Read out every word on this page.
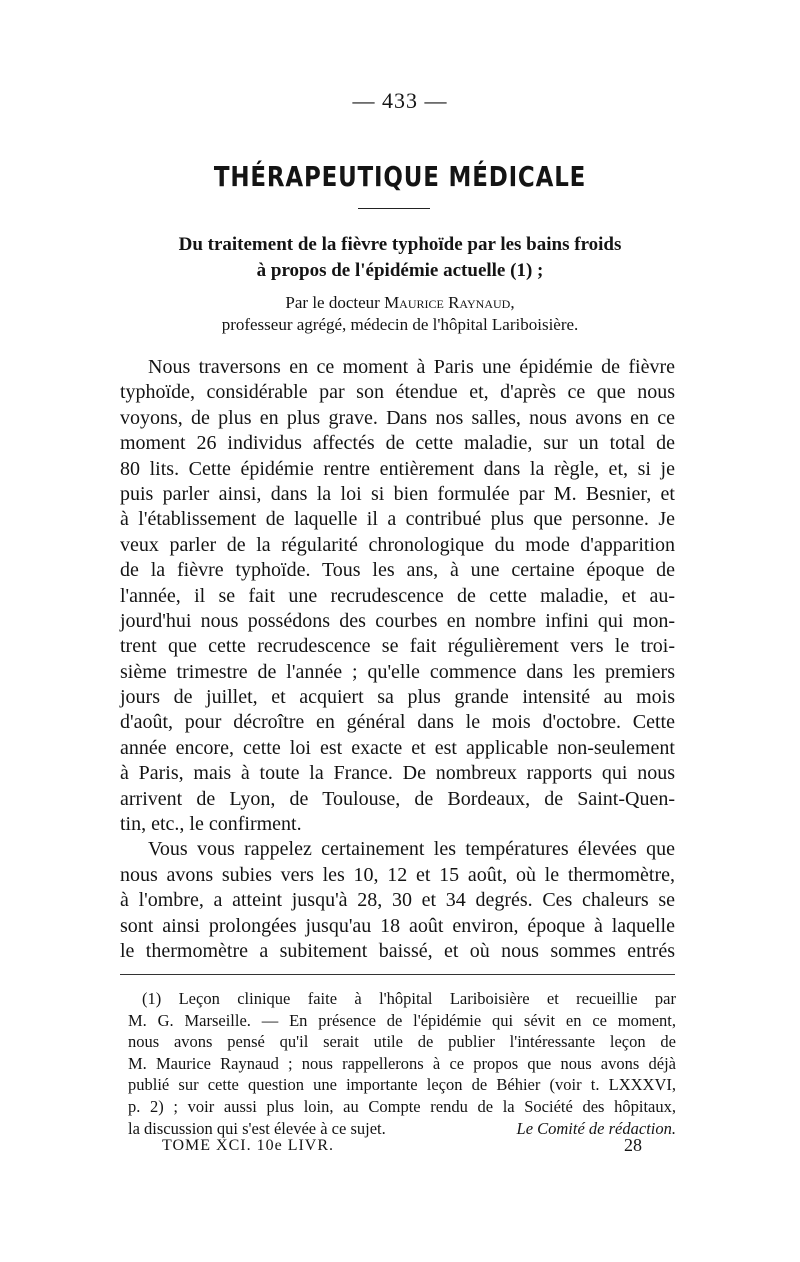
— 433 —
THÉRAPEUTIQUE MÉDICALE
Du traitement de la fièvre typhoïde par les bains froids
à propos de l'épidémie actuelle (1) ;
Par le docteur Maurice Raynaud,
professeur agrégé, médecin de l'hôpital Lariboisière.
Nous traversons en ce moment à Paris une épidémie de fièvre
typhoïde, considérable par son étendue et, d'après ce que nous
voyons, de plus en plus grave. Dans nos salles, nous avons en ce
moment 26 individus affectés de cette maladie, sur un total de
80 lits. Cette épidémie rentre entièrement dans la règle, et, si je
puis parler ainsi, dans la loi si bien formulée par M. Besnier, et
à l'établissement de laquelle il a contribué plus que personne. Je
veux parler de la régularité chronologique du mode d'apparition
de la fièvre typhoïde. Tous les ans, à une certaine époque de
l'année, il se fait une recrudescence de cette maladie, et au-
jourd'hui nous possédons des courbes en nombre infini qui mon-
trent que cette recrudescence se fait régulièrement vers le troi-
sième trimestre de l'année ; qu'elle commence dans les premiers
jours de juillet, et acquiert sa plus grande intensité au mois
d'août, pour décroître en général dans le mois d'octobre. Cette
année encore, cette loi est exacte et est applicable non-seulement
à Paris, mais à toute la France. De nombreux rapports qui nous
arrivent de Lyon, de Toulouse, de Bordeaux, de Saint-Quen-
tin, etc., le confirment.
Vous vous rappelez certainement les températures élevées que
nous avons subies vers les 10, 12 et 15 août, où le thermomètre,
à l'ombre, a atteint jusqu'à 28, 30 et 34 degrés. Ces chaleurs se
sont ainsi prolongées jusqu'au 18 août environ, époque à laquelle
le thermomètre a subitement baissé, et où nous sommes entrés
(1) Leçon clinique faite à l'hôpital Lariboisière et recueillie par
M. G. Marseille. — En présence de l'épidémie qui sévit en ce moment,
nous avons pensé qu'il serait utile de publier l'intéressante leçon de
M. Maurice Raynaud ; nous rappellerons à ce propos que nous avons déjà
publié sur cette question une importante leçon de Béhier (voir t. LXXXVI,
p. 2) ; voir aussi plus loin, au Compte rendu de la Société des hôpitaux,
la discussion qui s'est élevée à ce sujet.	Le Comité de rédaction.
TOME XCI. 10e LIVR.	28
